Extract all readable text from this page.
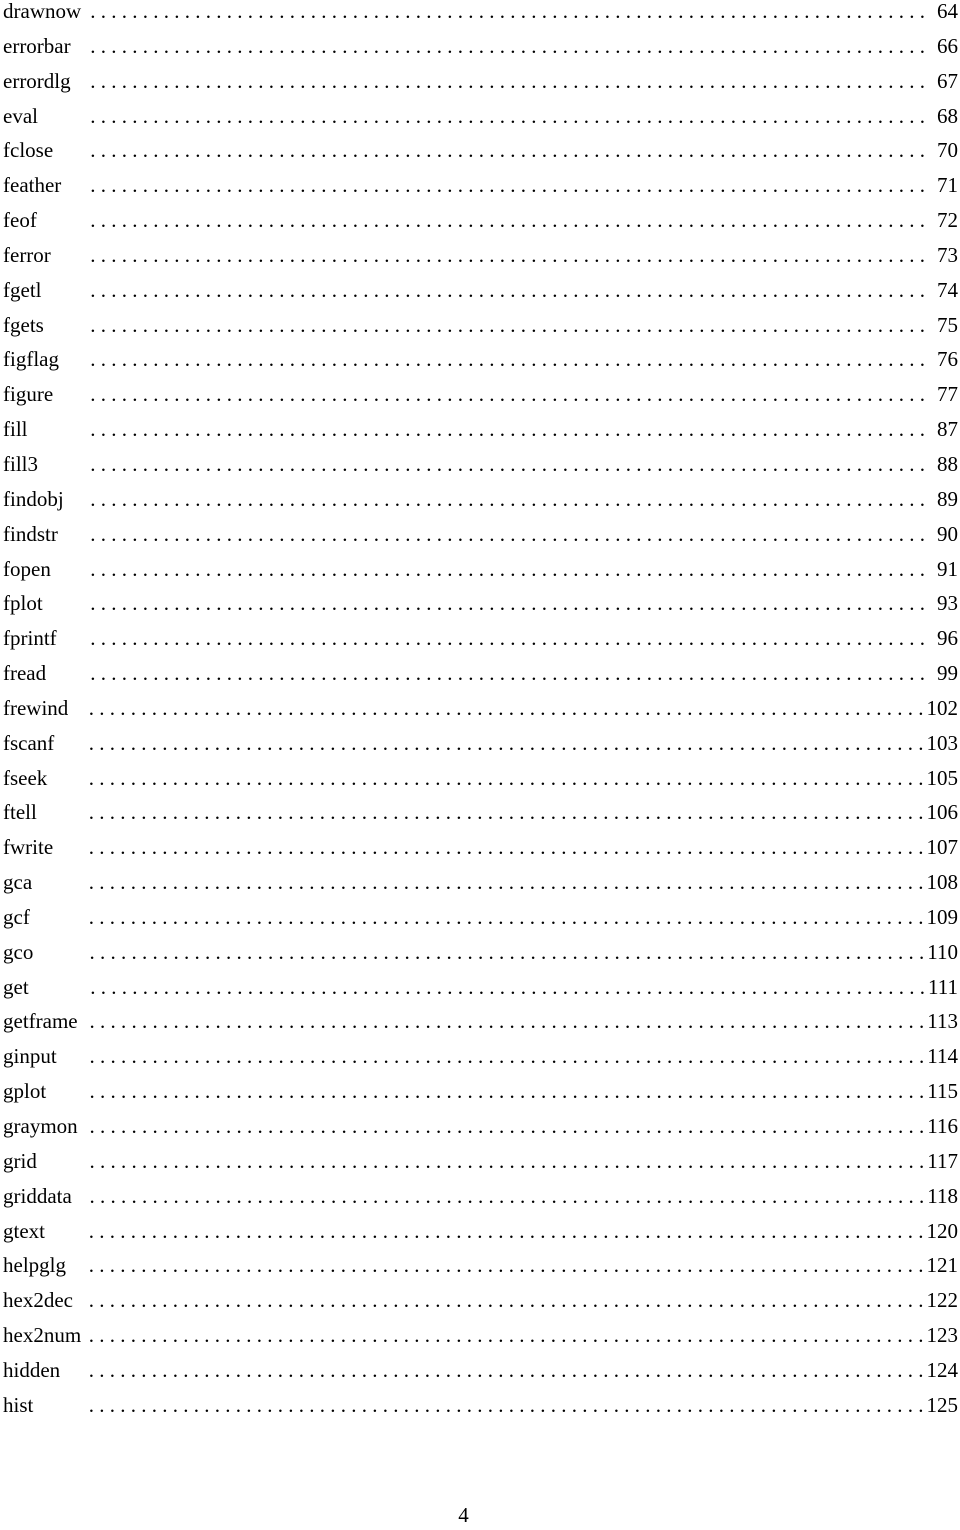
drawnow . . . . . . . . . . . . . . . . . . . . . . . . . . . . . . . . . . . . . . . . . . . . . . . . . . . . . . . . . . . . . . . . . . . . . . . . . . . . . . . . 64
errorbar . . . . . . . . . . . . . . . . . . . . . . . . . . . . . . . . . . . . . . . . . . . . . . . . . . . . . . . . . . . . . . . . . . . . . . . . . . . . . . . . 66
errordlg . . . . . . . . . . . . . . . . . . . . . . . . . . . . . . . . . . . . . . . . . . . . . . . . . . . . . . . . . . . . . . . . . . . . . . . . . . . . . . . . 67
eval	. . . . . . . . . . . . . . . . . . . . . . . . . . . . . . . . . . . . . . . . . . . . . . . . . . . . . . . . . . . . . . . . . . . . . . . . . . . . . . . . 68
fclose	. . . . . . . . . . . . . . . . . . . . . . . . . . . . . . . . . . . . . . . . . . . . . . . . . . . . . . . . . . . . . . . . . . . . . . . . . . . . . . . . 70
feather	. . . . . . . . . . . . . . . . . . . . . . . . . . . . . . . . . . . . . . . . . . . . . . . . . . . . . . . . . . . . . . . . . . . . . . . . . . . . . . . . 71
feof	. . . . . . . . . . . . . . . . . . . . . . . . . . . . . . . . . . . . . . . . . . . . . . . . . . . . . . . . . . . . . . . . . . . . . . . . . . . . . . . . 72
ferror	. . . . . . . . . . . . . . . . . . . . . . . . . . . . . . . . . . . . . . . . . . . . . . . . . . . . . . . . . . . . . . . . . . . . . . . . . . . . . . . . 73
fgetl	. . . . . . . . . . . . . . . . . . . . . . . . . . . . . . . . . . . . . . . . . . . . . . . . . . . . . . . . . . . . . . . . . . . . . . . . . . . . . . . . 74
fgets	. . . . . . . . . . . . . . . . . . . . . . . . . . . . . . . . . . . . . . . . . . . . . . . . . . . . . . . . . . . . . . . . . . . . . . . . . . . . . . . . 75
figflag	. . . . . . . . . . . . . . . . . . . . . . . . . . . . . . . . . . . . . . . . . . . . . . . . . . . . . . . . . . . . . . . . . . . . . . . . . . . . . . . . 76
figure	. . . . . . . . . . . . . . . . . . . . . . . . . . . . . . . . . . . . . . . . . . . . . . . . . . . . . . . . . . . . . . . . . . . . . . . . . . . . . . . . 77
fill	. . . . . . . . . . . . . . . . . . . . . . . . . . . . . . . . . . . . . . . . . . . . . . . . . . . . . . . . . . . . . . . . . . . . . . . . . . . . . . . . 87
fill3	. . . . . . . . . . . . . . . . . . . . . . . . . . . . . . . . . . . . . . . . . . . . . . . . . . . . . . . . . . . . . . . . . . . . . . . . . . . . . . . . 88
findobj	. . . . . . . . . . . . . . . . . . . . . . . . . . . . . . . . . . . . . . . . . . . . . . . . . . . . . . . . . . . . . . . . . . . . . . . . . . . . . . . . 89
findstr	. . . . . . . . . . . . . . . . . . . . . . . . . . . . . . . . . . . . . . . . . . . . . . . . . . . . . . . . . . . . . . . . . . . . . . . . . . . . . . . . 90
fopen	. . . . . . . . . . . . . . . . . . . . . . . . . . . . . . . . . . . . . . . . . . . . . . . . . . . . . . . . . . . . . . . . . . . . . . . . . . . . . . . . 91
fplot	. . . . . . . . . . . . . . . . . . . . . . . . . . . . . . . . . . . . . . . . . . . . . . . . . . . . . . . . . . . . . . . . . . . . . . . . . . . . . . . . 93
fprintf	. . . . . . . . . . . . . . . . . . . . . . . . . . . . . . . . . . . . . . . . . . . . . . . . . . . . . . . . . . . . . . . . . . . . . . . . . . . . . . . . 96
fread	. . . . . . . . . . . . . . . . . . . . . . . . . . . . . . . . . . . . . . . . . . . . . . . . . . . . . . . . . . . . . . . . . . . . . . . . . . . . . . . . 99
frewind . . . . . . . . . . . . . . . . . . . . . . . . . . . . . . . . . . . . . . . . . . . . . . . . . . . . . . . . . . . . . . . . . . . . . . . . . . . . . . . . 102
fscanf	. . . . . . . . . . . . . . . . . . . . . . . . . . . . . . . . . . . . . . . . . . . . . . . . . . . . . . . . . . . . . . . . . . . . . . . . . . . . . . . . 103
fseek	. . . . . . . . . . . . . . . . . . . . . . . . . . . . . . . . . . . . . . . . . . . . . . . . . . . . . . . . . . . . . . . . . . . . . . . . . . . . . . . . 105
ftell	. . . . . . . . . . . . . . . . . . . . . . . . . . . . . . . . . . . . . . . . . . . . . . . . . . . . . . . . . . . . . . . . . . . . . . . . . . . . . . . . 106
fwrite	. . . . . . . . . . . . . . . . . . . . . . . . . . . . . . . . . . . . . . . . . . . . . . . . . . . . . . . . . . . . . . . . . . . . . . . . . . . . . . . . 107
gca	. . . . . . . . . . . . . . . . . . . . . . . . . . . . . . . . . . . . . . . . . . . . . . . . . . . . . . . . . . . . . . . . . . . . . . . . . . . . . . . . 108
gcf	. . . . . . . . . . . . . . . . . . . . . . . . . . . . . . . . . . . . . . . . . . . . . . . . . . . . . . . . . . . . . . . . . . . . . . . . . . . . . . . . 109
gco	. . . . . . . . . . . . . . . . . . . . . . . . . . . . . . . . . . . . . . . . . . . . . . . . . . . . . . . . . . . . . . . . . . . . . . . . . . . . . . . . 110
get	. . . . . . . . . . . . . . . . . . . . . . . . . . . . . . . . . . . . . . . . . . . . . . . . . . . . . . . . . . . . . . . . . . . . . . . . . . . . . . . . 111
getframe . . . . . . . . . . . . . . . . . . . . . . . . . . . . . . . . . . . . . . . . . . . . . . . . . . . . . . . . . . . . . . . . . . . . . . . . . . . . . . . . 113
ginput	. . . . . . . . . . . . . . . . . . . . . . . . . . . . . . . . . . . . . . . . . . . . . . . . . . . . . . . . . . . . . . . . . . . . . . . . . . . . . . . . 114
gplot	. . . . . . . . . . . . . . . . . . . . . . . . . . . . . . . . . . . . . . . . . . . . . . . . . . . . . . . . . . . . . . . . . . . . . . . . . . . . . . . . 115
graymon . . . . . . . . . . . . . . . . . . . . . . . . . . . . . . . . . . . . . . . . . . . . . . . . . . . . . . . . . . . . . . . . . . . . . . . . . . . . . . . . 116
grid	. . . . . . . . . . . . . . . . . . . . . . . . . . . . . . . . . . . . . . . . . . . . . . . . . . . . . . . . . . . . . . . . . . . . . . . . . . . . . . . . 117
griddata . . . . . . . . . . . . . . . . . . . . . . . . . . . . . . . . . . . . . . . . . . . . . . . . . . . . . . . . . . . . . . . . . . . . . . . . . . . . . . . . 118
gtext	. . . . . . . . . . . . . . . . . . . . . . . . . . . . . . . . . . . . . . . . . . . . . . . . . . . . . . . . . . . . . . . . . . . . . . . . . . . . . . . . 120
helpglg	. . . . . . . . . . . . . . . . . . . . . . . . . . . . . . . . . . . . . . . . . . . . . . . . . . . . . . . . . . . . . . . . . . . . . . . . . . . . . . . . 121
hex2dec . . . . . . . . . . . . . . . . . . . . . . . . . . . . . . . . . . . . . . . . . . . . . . . . . . . . . . . . . . . . . . . . . . . . . . . . . . . . . . . . 122
hex2num . . . . . . . . . . . . . . . . . . . . . . . . . . . . . . . . . . . . . . . . . . . . . . . . . . . . . . . . . . . . . . . . . . . . . . . . . . . . . . . . 123
hidden	. . . . . . . . . . . . . . . . . . . . . . . . . . . . . . . . . . . . . . . . . . . . . . . . . . . . . . . . . . . . . . . . . . . . . . . . . . . . . . . . 124
hist	. . . . . . . . . . . . . . . . . . . . . . . . . . . . . . . . . . . . . . . . . . . . . . . . . . . . . . . . . . . . . . . . . . . . . . . . . . . . . . . . 125
4
